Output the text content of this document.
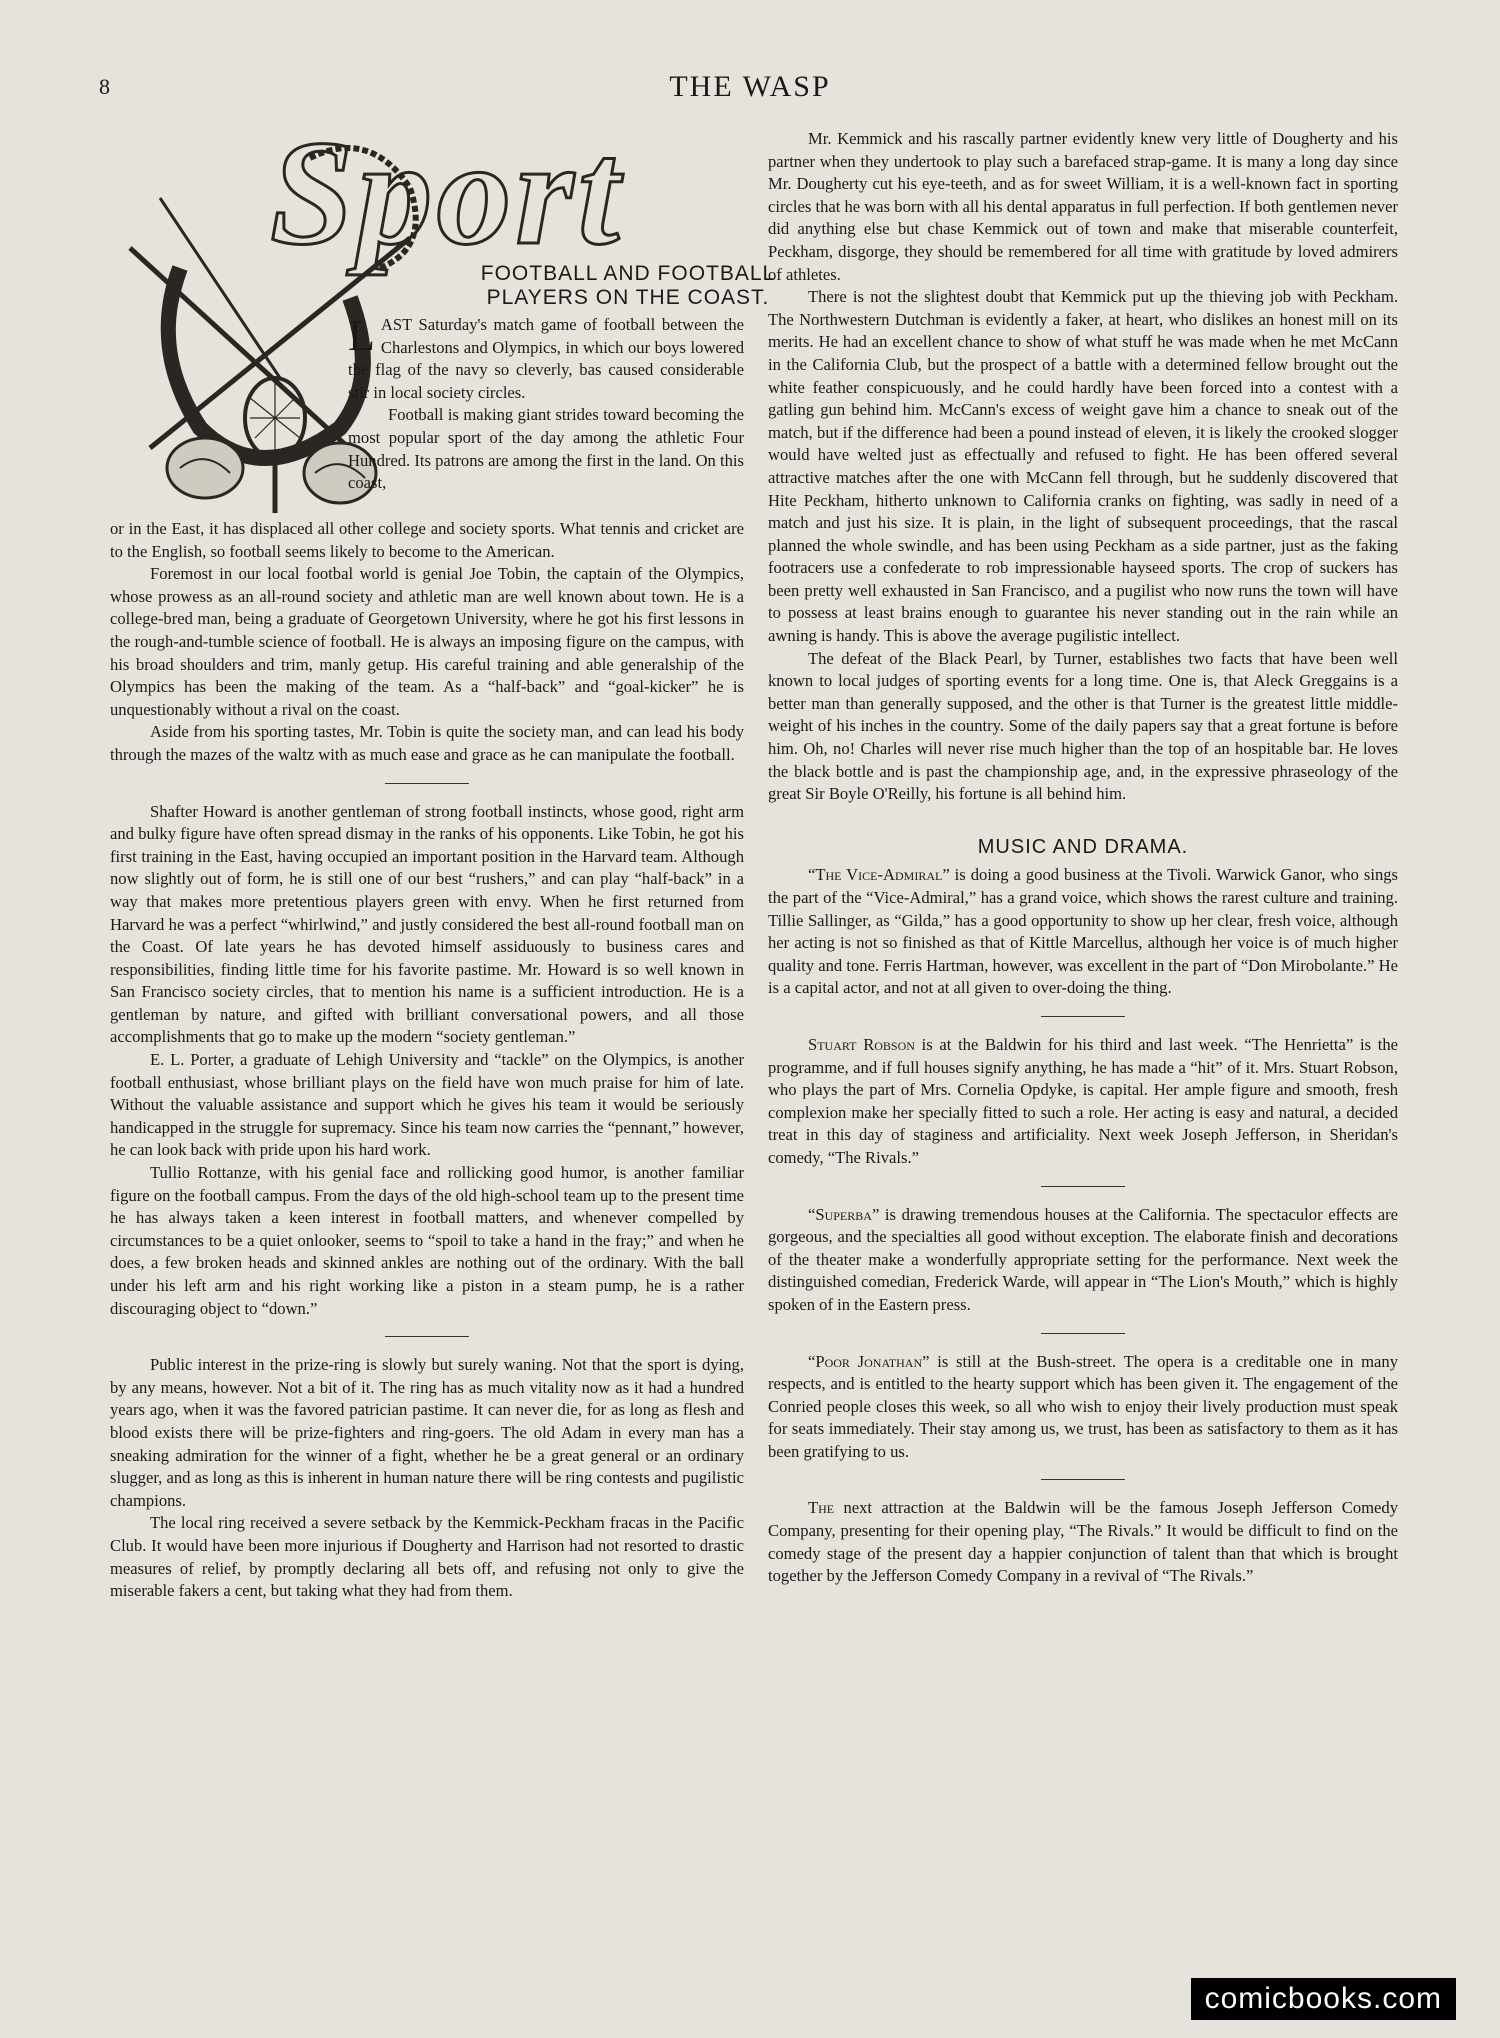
8	THE WASP
Sport
FOOTBALL AND FOOTBALL
PLAYERS ON THE COAST.

LAST Saturday's match game of football between the Charlestons and Olympics, in which our boys lowered the flag of the navy so cleverly, bas caused considerable stir in local society circles.

Football is making giant strides toward becoming the most popular sport of the day among the athletic Four Hundred. Its patrons are among the first in the land. On this coast,

or in the East, it has displaced all other college and society sports. What tennis and cricket are to the English, so football seems likely to become to the American.

Foremost in our local footbal world is genial Joe Tobin, the captain of the Olympics, whose prowess as an all-round society and athletic man are well known about town. He is a college-bred man, being a graduate of Georgetown University, where he got his first lessons in the rough-and-tumble science of football. He is always an imposing figure on the campus, with his broad shoulders and trim, manly getup. His careful training and able generalship of the Olympics has been the making of the team. As a “half-back” and “goal-kicker” he is unquestionably without a rival on the coast.

Aside from his sporting tastes, Mr. Tobin is quite the society man, and can lead his body through the mazes of the waltz with as much ease and grace as he can manipulate the football.

Shafter Howard is another gentleman of strong football instincts, whose good, right arm and bulky figure have often spread dismay in the ranks of his opponents. Like Tobin, he got his first training in the East, having occupied an important position in the Harvard team. Although now slightly out of form, he is still one of our best “rushers,” and can play “half-back” in a way that makes more pretentious players green with envy. When he first returned from Harvard he was a perfect “whirlwind,” and justly considered the best all-round football man on the Coast. Of late years he has devoted himself assiduously to business cares and responsibilities, finding little time for his favorite pastime. Mr. Howard is so well known in San Francisco society circles, that to mention his name is a sufficient introduction. He is a gentleman by nature, and gifted with brilliant conversational powers, and all those accomplishments that go to make up the modern “society gentleman.”

E. L. Porter, a graduate of Lehigh University and “tackle” on the Olympics, is another football enthusiast, whose brilliant plays on the field have won much praise for him of late. Without the valuable assistance and support which he gives his team it would be seriously handicapped in the struggle for supremacy. Since his team now carries the “pennant,” however, he can look back with pride upon his hard work.

Tullio Rottanze, with his genial face and rollicking good humor, is another familiar figure on the football campus. From the days of the old high-school team up to the present time he has always taken a keen interest in football matters, and whenever compelled by circumstances to be a quiet onlooker, seems to “spoil to take a hand in the fray;” and when he does, a few broken heads and skinned ankles are nothing out of the ordinary. With the ball under his left arm and his right working like a piston in a steam pump, he is a rather discouraging object to “down.”

Public interest in the prize-ring is slowly but surely waning. Not that the sport is dying, by any means, however. Not a bit of it. The ring has as much vitality now as it had a hundred years ago, when it was the favored patrician pastime. It can never die, for as long as flesh and blood exists there will be prize-fighters and ring-goers. The old Adam in every man has a sneaking admiration for the winner of a fight, whether he be a great general or an ordinary slugger, and as long as this is inherent in human nature there will be ring contests and pugilistic champions.

The local ring received a severe setback by the Kemmick-Peckham fracas in the Pacific Club. It would have been more injurious if Dougherty and Harrison had not resorted to drastic measures of relief, by promptly declaring all bets off, and refusing not only to give the miserable fakers a cent, but taking what they had from them.

Mr. Kemmick and his rascally partner evidently knew very little of Dougherty and his partner when they undertook to play such a barefaced strap-game. It is many a long day since Mr. Dougherty cut his eye-teeth, and as for sweet William, it is a well-known fact in sporting circles that he was born with all his dental apparatus in full perfection. If both gentlemen never did anything else but chase Kemmick out of town and make that miserable counterfeit, Peckham, disgorge, they should be remembered for all time with gratitude by loved admirers of athletes.

There is not the slightest doubt that Kemmick put up the thieving job with Peckham. The Northwestern Dutchman is evidently a faker, at heart, who dislikes an honest mill on its merits. He had an excellent chance to show of what stuff he was made when he met McCann in the California Club, but the prospect of a battle with a determined fellow brought out the white feather conspicuously, and he could hardly have been forced into a contest with a gatling gun behind him. McCann's excess of weight gave him a chance to sneak out of the match, but if the difference had been a pound instead of eleven, it is likely the crooked slogger would have welted just as effectually and refused to fight. He has been offered several attractive matches after the one with McCann fell through, but he suddenly discovered that Hite Peckham, hitherto unknown to California cranks on fighting, was sadly in need of a match and just his size. It is plain, in the light of subsequent proceedings, that the rascal planned the whole swindle, and has been using Peckham as a side partner, just as the faking footracers use a confederate to rob impressionable hayseed sports. The crop of suckers has been pretty well exhausted in San Francisco, and a pugilist who now runs the town will have to possess at least brains enough to guarantee his never standing out in the rain while an awning is handy. This is above the average pugilistic intellect.

The defeat of the Black Pearl, by Turner, establishes two facts that have been well known to local judges of sporting events for a long time. One is, that Aleck Greggains is a better man than generally supposed, and the other is that Turner is the greatest little middle-weight of his inches in the country. Some of the daily papers say that a great fortune is before him. Oh, no! Charles will never rise much higher than the top of an hospitable bar. He loves the black bottle and is past the championship age, and, in the expressive phraseology of the great Sir Boyle O'Reilly, his fortune is all behind him.

MUSIC AND DRAMA.

“The Vice-Admiral” is doing a good business at the Tivoli. Warwick Ganor, who sings the part of the “Vice-Admiral,” has a grand voice, which shows the rarest culture and training. Tillie Sallinger, as “Gilda,” has a good opportunity to show up her clear, fresh voice, although her acting is not so finished as that of Kittle Marcellus, although her voice is of much higher quality and tone. Ferris Hartman, however, was excellent in the part of “Don Mirobolante.” He is a capital actor, and not at all given to over-doing the thing.

Stuart Robson is at the Baldwin for his third and last week. “The Henrietta” is the programme, and if full houses signify anything, he has made a “hit” of it. Mrs. Stuart Robson, who plays the part of Mrs. Cornelia Opdyke, is capital. Her ample figure and smooth, fresh complexion make her specially fitted to such a role. Her acting is easy and natural, a decided treat in this day of staginess and artificiality. Next week Joseph Jefferson, in Sheridan's comedy, “The Rivals.”

“Superba” is drawing tremendous houses at the California. The spectaculor effects are gorgeous, and the specialties all good without exception. The elaborate finish and decorations of the theater make a wonderfully appropriate setting for the performance. Next week the distinguished comedian, Frederick Warde, will appear in “The Lion's Mouth,” which is highly spoken of in the Eastern press.

“Poor Jonathan” is still at the Bush-street. The opera is a creditable one in many respects, and is entitled to the hearty support which has been given it. The engagement of the Conried people closes this week, so all who wish to enjoy their lively production must speak for seats immediately. Their stay among us, we trust, has been as satisfactory to them as it has been gratifying to us.

The next attraction at the Baldwin will be the famous Joseph Jefferson Comedy Company, presenting for their opening play, “The Rivals.” It would be difficult to find on the comedy stage of the present day a happier conjunction of talent than that which is brought together by the Jefferson Comedy Company in a revival of “The Rivals.”

comicbooks.com
